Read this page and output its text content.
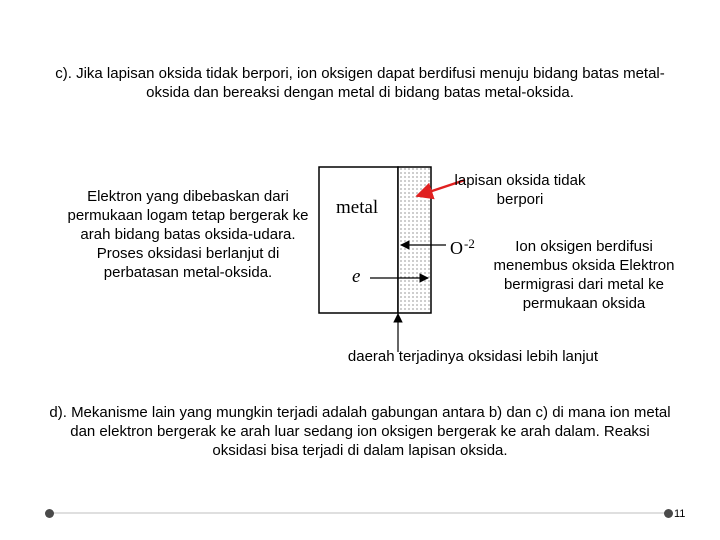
c). Jika lapisan oksida tidak berpori, ion oksigen dapat berdifusi menuju bidang batas metal-oksida dan bereaksi dengan metal di bidang batas metal-oksida.
Elektron yang dibebaskan dari permukaan logam tetap bergerak ke arah bidang batas oksida-udara. Proses oksidasi berlanjut di perbatasan metal-oksida.
metal
e
$O^{-2}$
lapisan oksida tidak berpori
Ion oksigen berdifusi menembus oksida Elektron bermigrasi dari metal ke permukaan oksida
daerah terjadinya oksidasi lebih lanjut
d). Mekanisme lain yang mungkin terjadi adalah gabungan antara b) dan c) di mana ion metal dan elektron bergerak ke arah luar sedang ion oksigen bergerak ke arah dalam. Reaksi oksidasi bisa terjadi di dalam lapisan oksida.
11
